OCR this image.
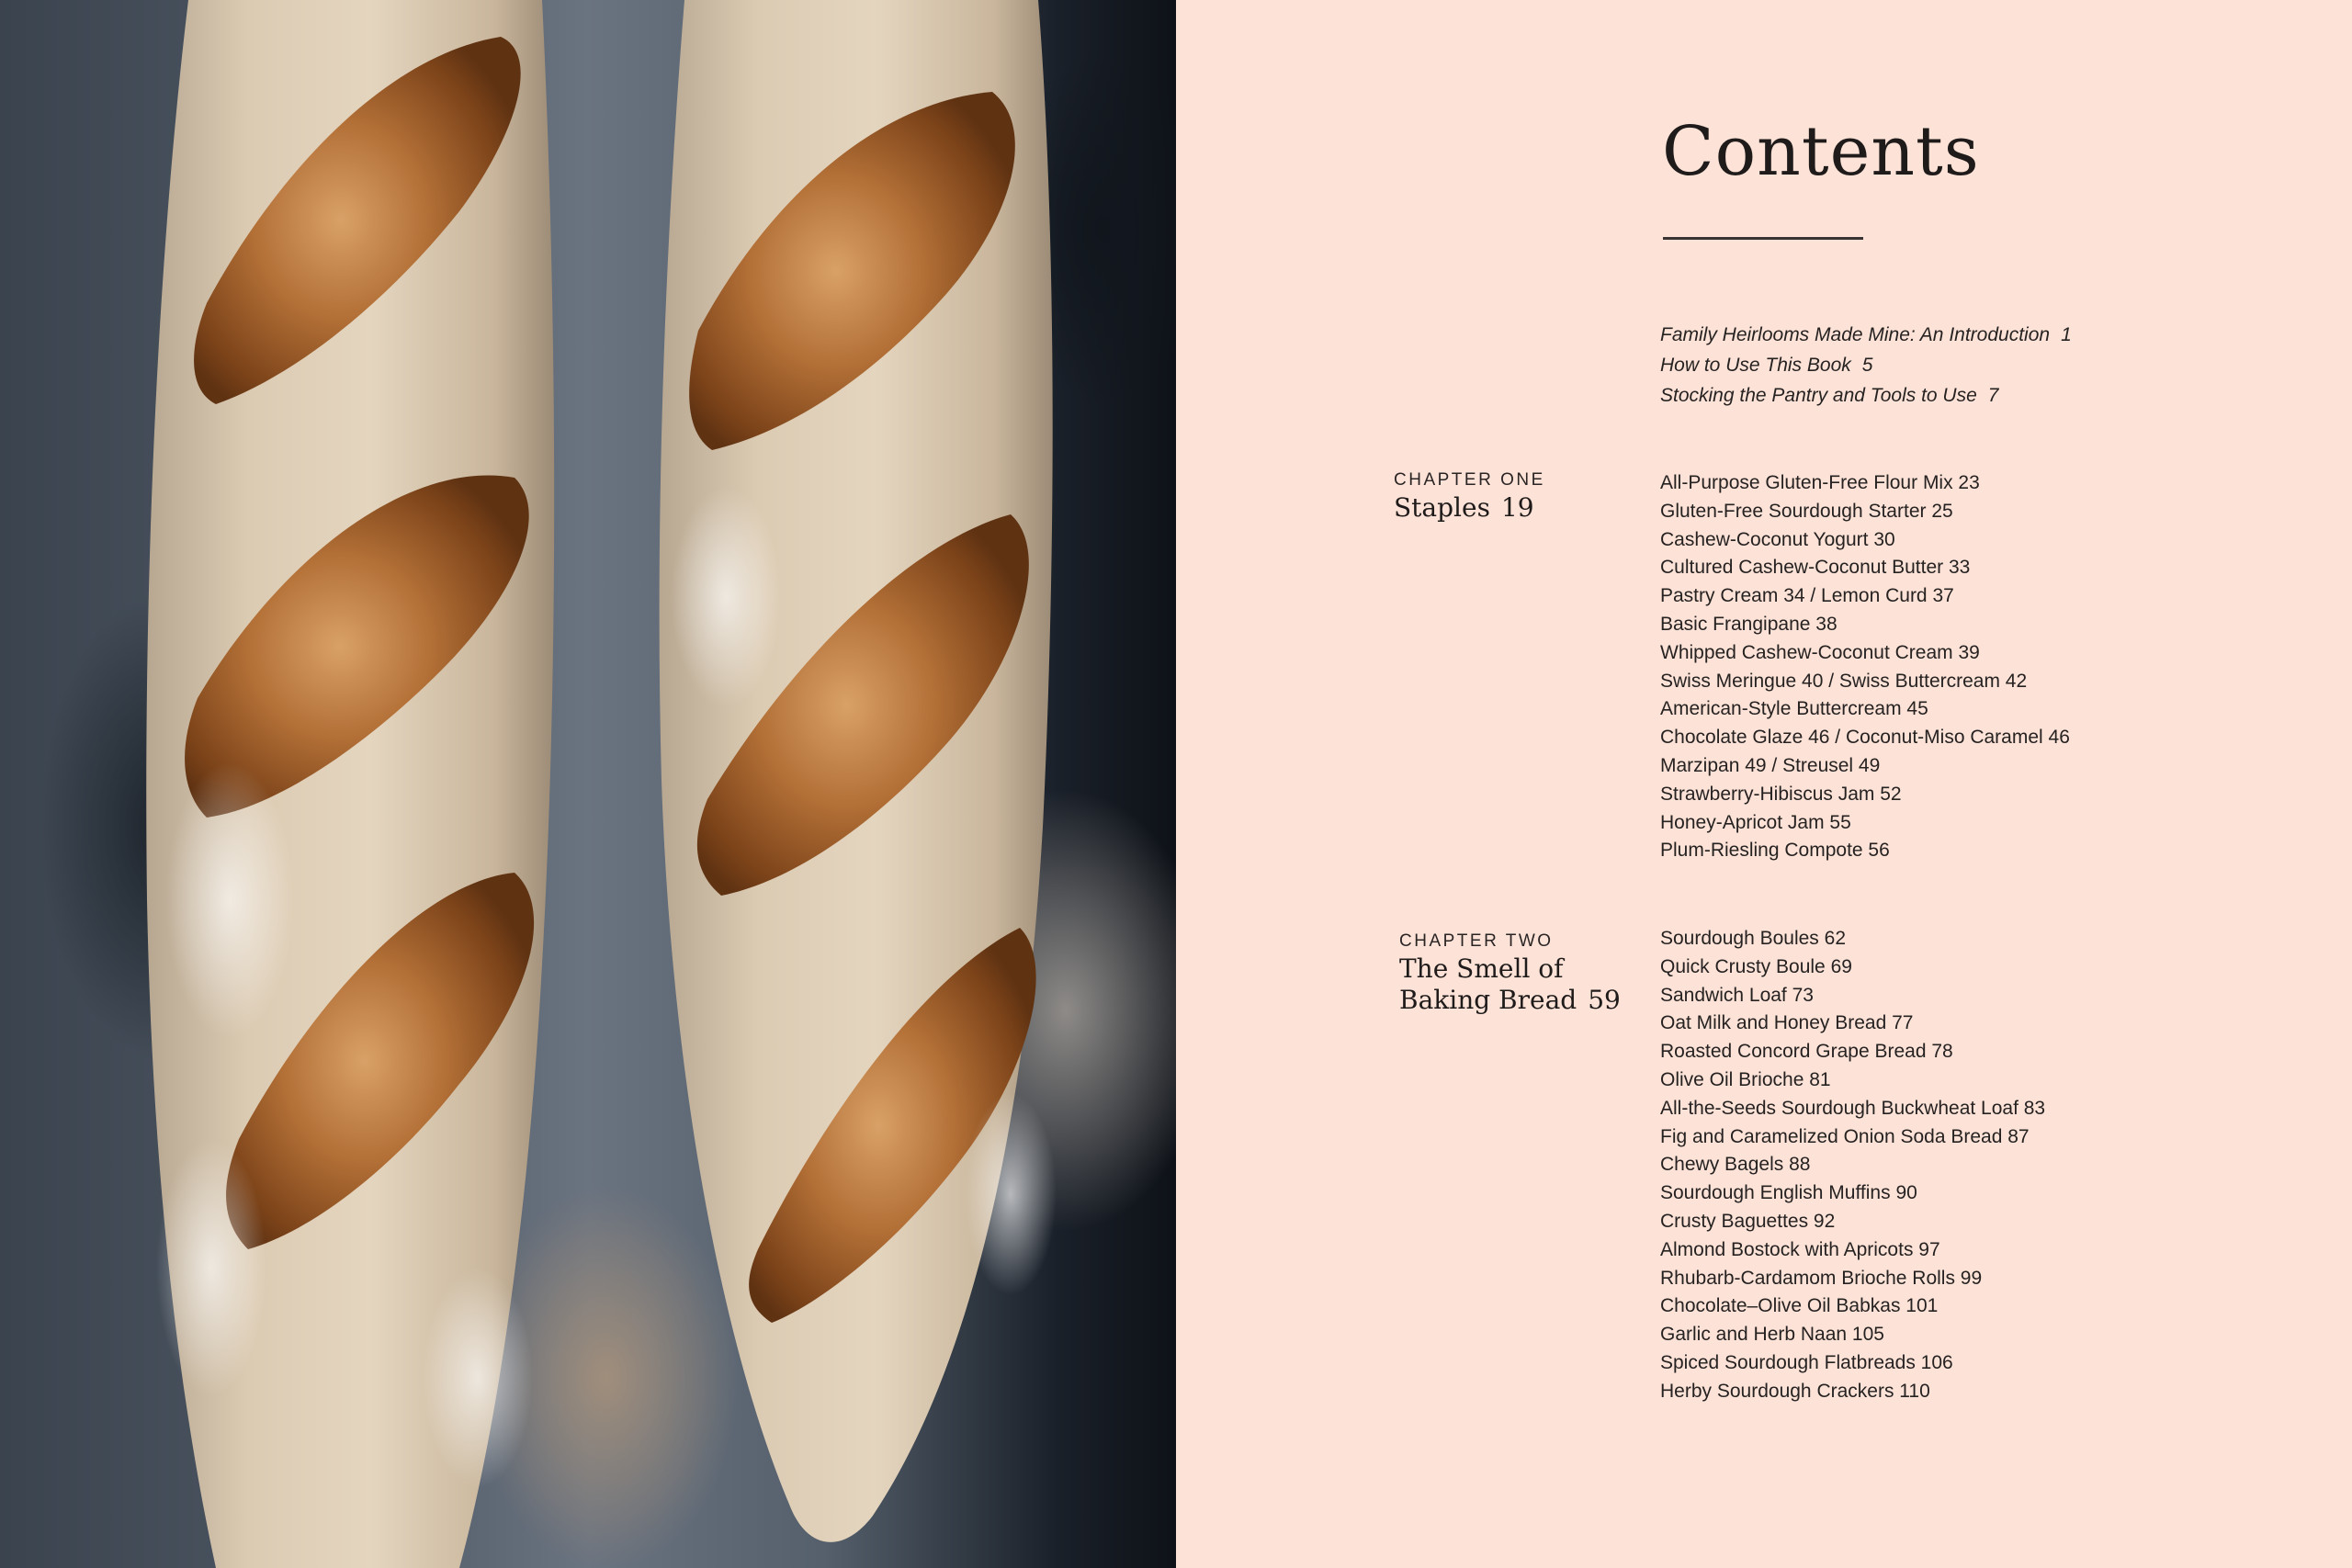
Contents
Family Heirlooms Made Mine: An Introduction 1
How to Use This Book 5
Stocking the Pantry and Tools to Use 7
CHAPTER ONE
Staples 19
All-Purpose Gluten-Free Flour Mix 23
Gluten-Free Sourdough Starter 25
Cashew-Coconut Yogurt 30
Cultured Cashew-Coconut Butter 33
Pastry Cream 34 / Lemon Curd 37
Basic Frangipane 38
Whipped Cashew-Coconut Cream 39
Swiss Meringue 40 / Swiss Buttercream 42
American-Style Buttercream 45
Chocolate Glaze 46 / Coconut-Miso Caramel 46
Marzipan 49 / Streusel 49
Strawberry-Hibiscus Jam 52
Honey-Apricot Jam 55
Plum-Riesling Compote 56
CHAPTER TWO
The Smell of
Baking Bread 59
Sourdough Boules 62
Quick Crusty Boule 69
Sandwich Loaf 73
Oat Milk and Honey Bread 77
Roasted Concord Grape Bread 78
Olive Oil Brioche 81
All-the-Seeds Sourdough Buckwheat Loaf 83
Fig and Caramelized Onion Soda Bread 87
Chewy Bagels 88
Sourdough English Muffins 90
Crusty Baguettes 92
Almond Bostock with Apricots 97
Rhubarb-Cardamom Brioche Rolls 99
Chocolate–Olive Oil Babkas 101
Garlic and Herb Naan 105
Spiced Sourdough Flatbreads 106
Herby Sourdough Crackers 110
